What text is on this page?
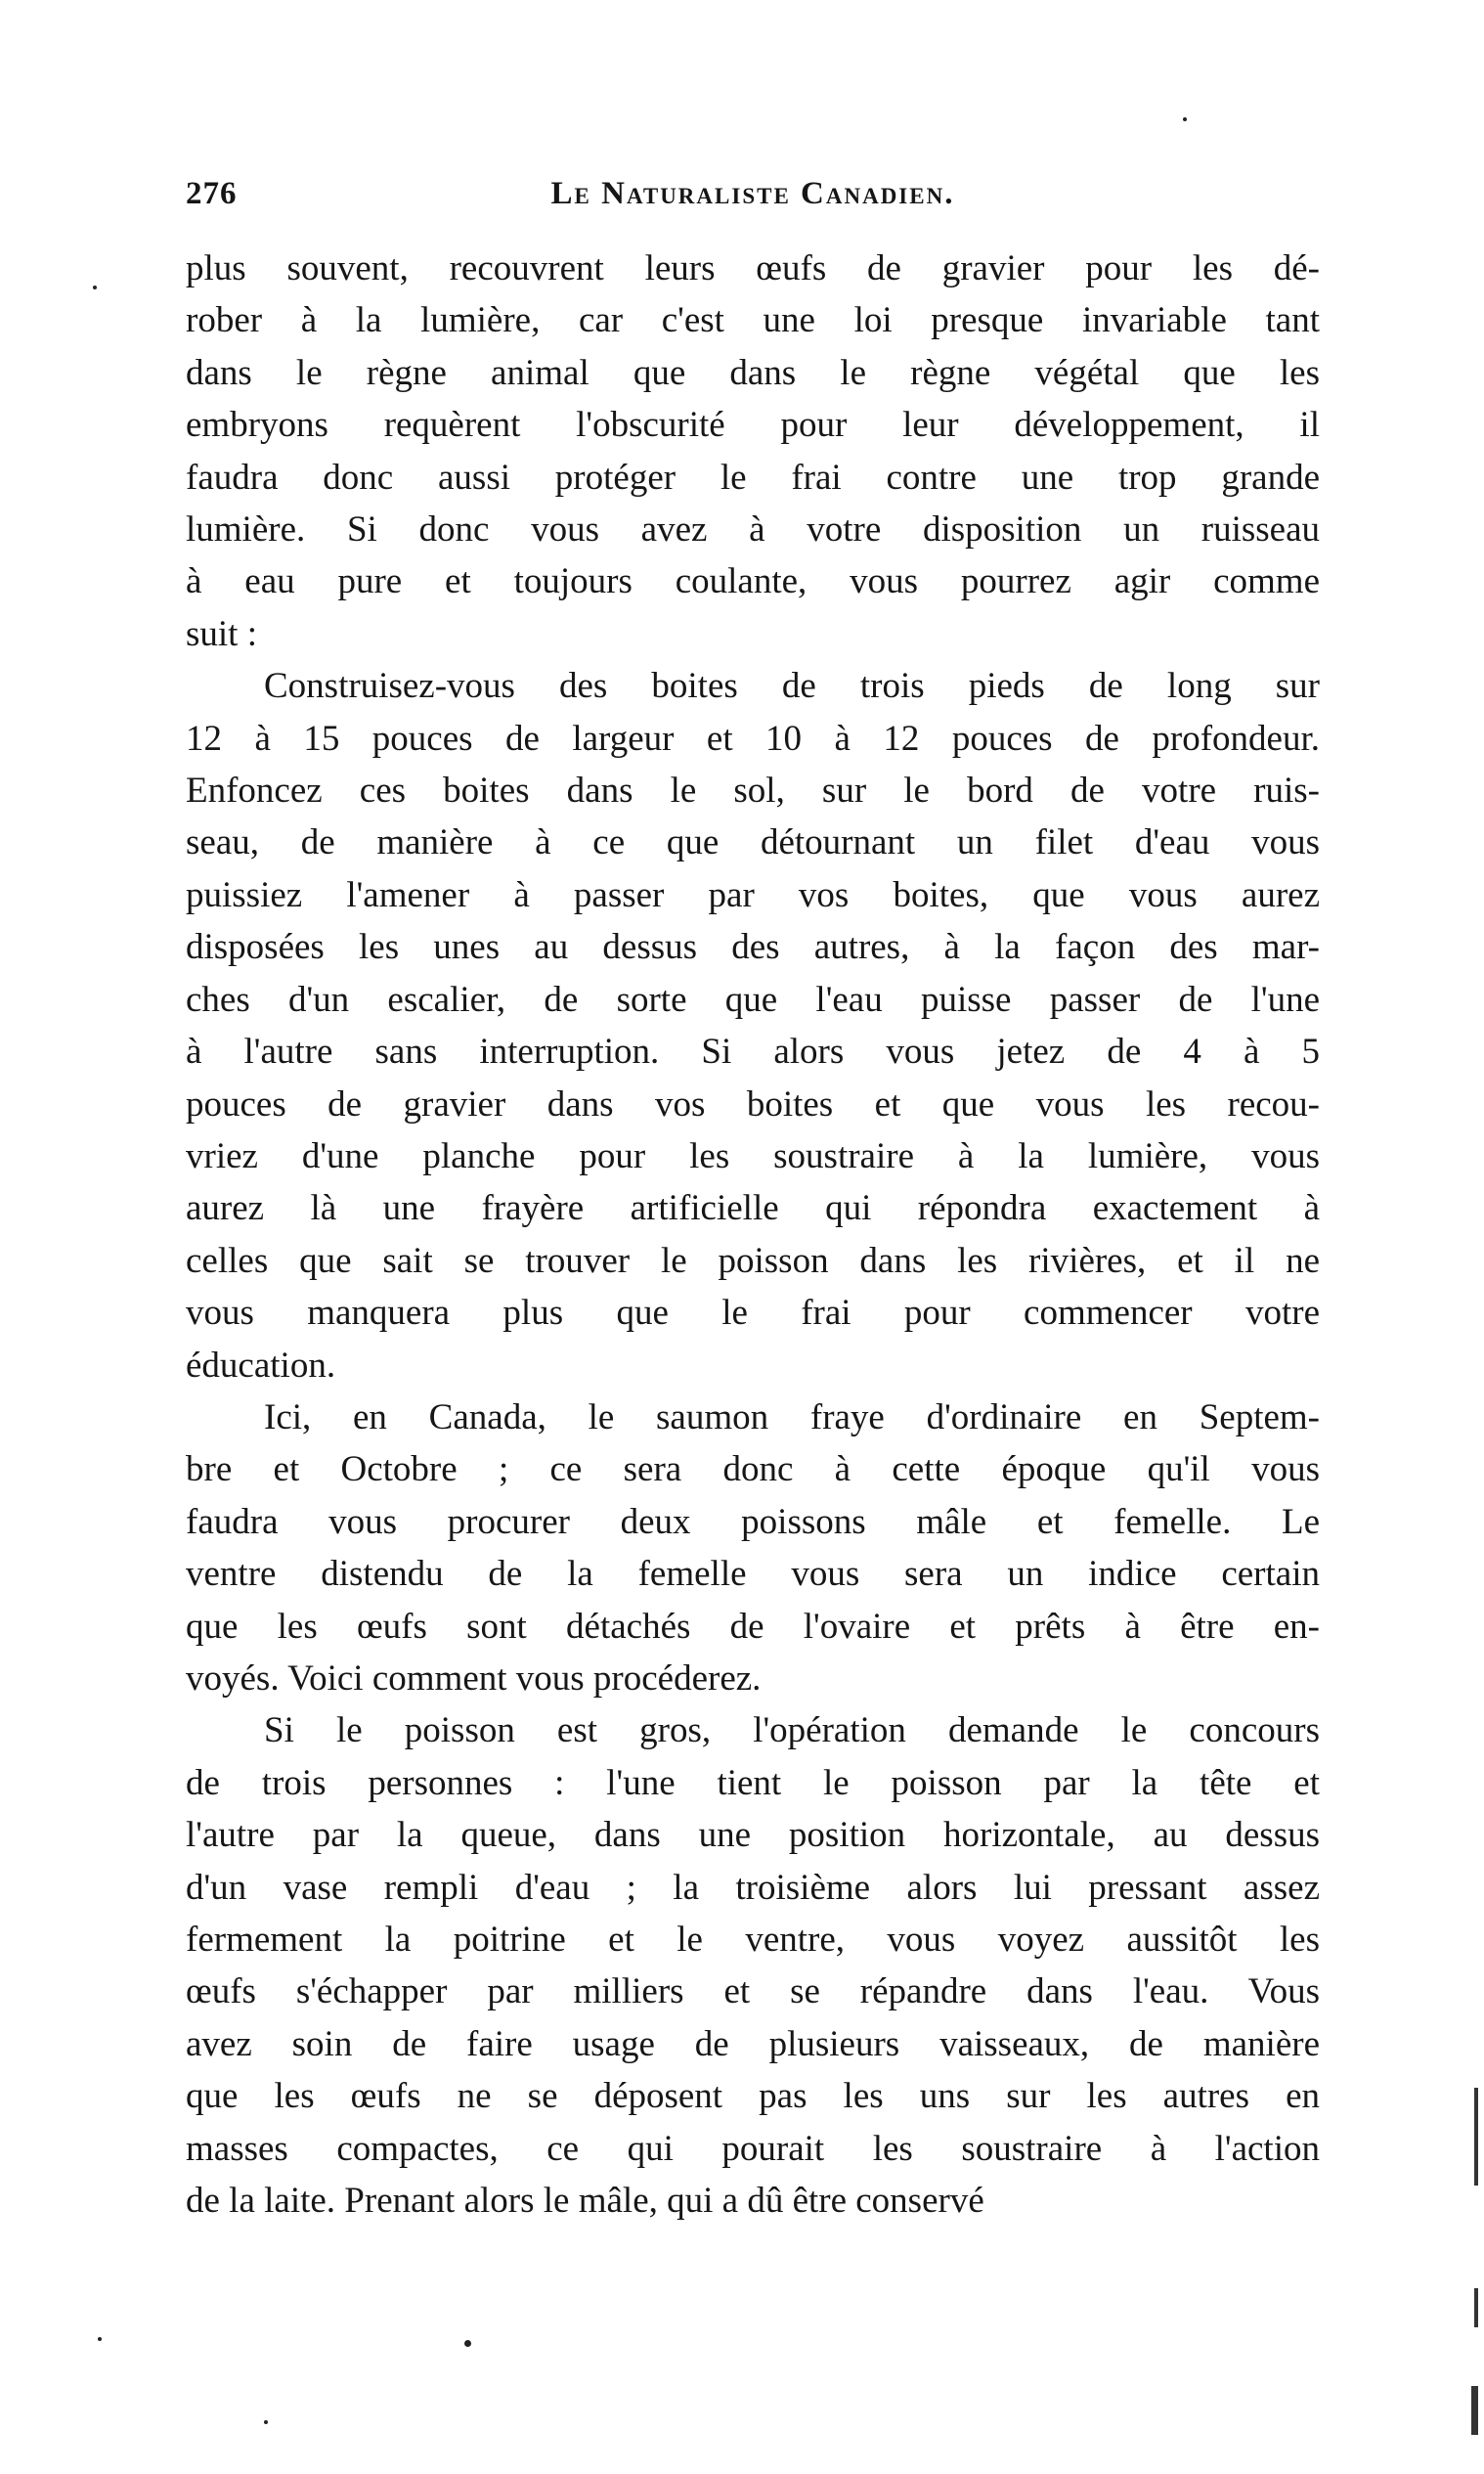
276	Le Naturaliste Canadien.

plus souvent, recouvrent leurs œufs de gravier pour les dé-
rober à la lumière, car c'est une loi presque invariable tant
dans le règne animal que dans le règne végétal que les
embryons requèrent l'obscurité pour leur développement, il
faudra donc aussi protéger le frai contre une trop grande
lumière. Si donc vous avez à votre disposition un ruisseau
à eau pure et toujours coulante, vous pourrez agir comme
suit :

Construisez-vous des boites de trois pieds de long sur
12 à 15 pouces de largeur et 10 à 12 pouces de profondeur.
Enfoncez ces boites dans le sol, sur le bord de votre ruis-
seau, de manière à ce que détournant un filet d'eau vous
puissiez l'amener à passer par vos boites, que vous aurez
disposées les unes au dessus des autres, à la façon des mar-
ches d'un escalier, de sorte que l'eau puisse passer de l'une
à l'autre sans interruption. Si alors vous jetez de 4 à 5
pouces de gravier dans vos boites et que vous les recou-
vriez d'une planche pour les soustraire à la lumière, vous
aurez là une frayère artificielle qui répondra exactement à
celles que sait se trouver le poisson dans les rivières, et il ne
vous manquera plus que le frai pour commencer votre
éducation.

Ici, en Canada, le saumon fraye d'ordinaire en Septem-
bre et Octobre ; ce sera donc à cette époque qu'il vous
faudra vous procurer deux poissons mâle et femelle. Le
ventre distendu de la femelle vous sera un indice certain
que les œufs sont détachés de l'ovaire et prêts à être en-
voyés. Voici comment vous procéderez.

Si le poisson est gros, l'opération demande le concours
de trois personnes : l'une tient le poisson par la tête et
l'autre par la queue, dans une position horizontale, au dessus
d'un vase rempli d'eau ; la troisième alors lui pressant assez
fermement la poitrine et le ventre, vous voyez aussitôt les
œufs s'échapper par milliers et se répandre dans l'eau. Vous
avez soin de faire usage de plusieurs vaisseaux, de manière
que les œufs ne se déposent pas les uns sur les autres en
masses compactes, ce qui pourait les soustraire à l'action
de la laite. Prenant alors le mâle, qui a dû être conservé
